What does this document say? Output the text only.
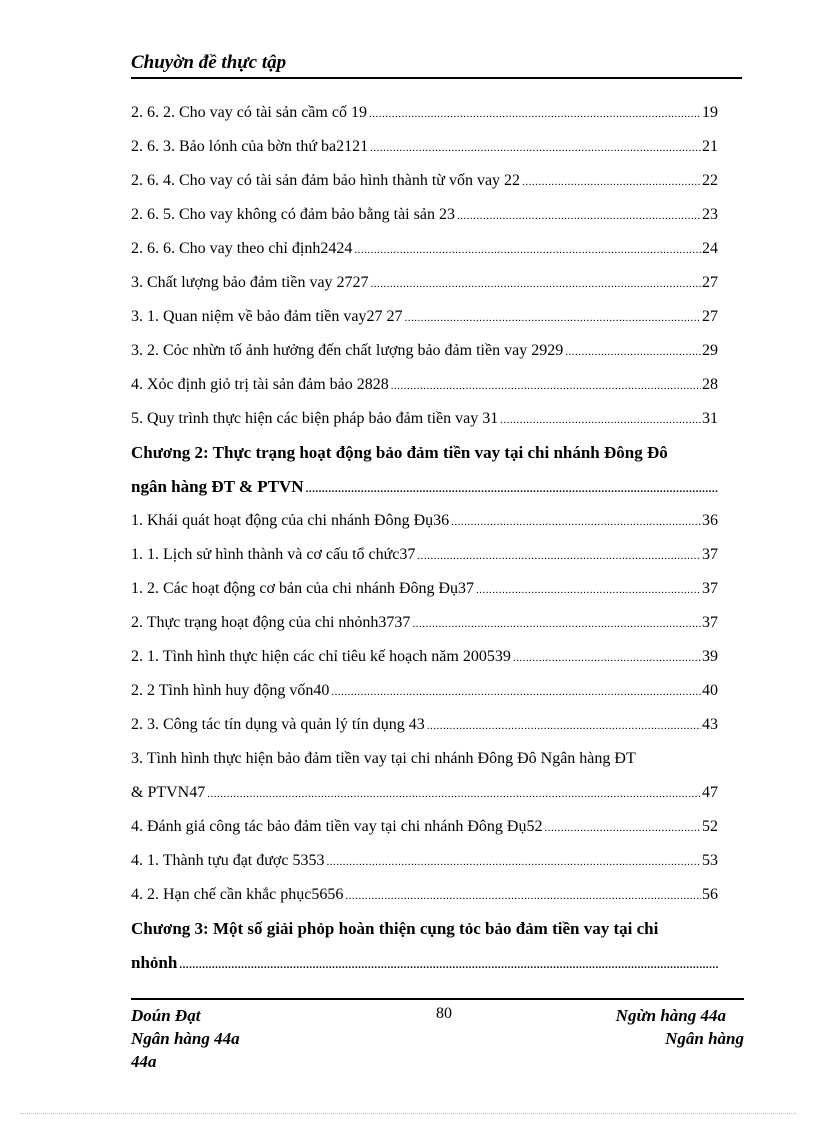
Chuyờn đề thực tập
2. 6. 2. Cho vay có tài sản cầm cố 19 .....	19
2. 6. 3. Bảo lónh của bờn thứ ba2121 .....	21
2. 6. 4. Cho vay có tài sản đảm bảo hình thành từ vốn vay 22 .....	22
2. 6. 5. Cho vay không có đảm bảo bằng tài sản 23 .....	23
2. 6. 6. Cho vay theo chỉ định2424 .....	24
3. Chất lượng bảo đảm tiền vay 2727 .....	27
3. 1. Quan niệm về bảo đảm tiền vay27 27 .....	27
3. 2. Cỏc nhừn tố ảnh hưởng đến chất lượng bảo đảm tiền vay 2929 .....	29
4. Xỏc định giỏ trị tài sản đảm bảo 2828 .....	28
5. Quy trình thực hiện các biện pháp bảo đảm tiền vay 31 .....	31
Chương 2: Thực trạng hoạt động bảo đảm tiền vay tại chi nhánh Đông Đô
ngân hàng ĐT & PTVN
.....
1. Khái quát hoạt động của chi nhánh Đông Đụ36 .....	36
1. 1. Lịch sử hình thành và cơ cấu tổ chức37 .....	37
1. 2. Các hoạt động cơ bản của chi nhánh Đông Đụ37 .....	37
2. Thực trạng hoạt động của chi nhỏnh3737 .....	37
2. 1. Tình hình thực hiện các chỉ tiêu kế hoạch năm 200539 .....	39
2. 2 Tình hình huy động vốn40 .....	40
2. 3. Công tác tín dụng và quản lý tín dụng 43 .....	43
3. Tình hình thực hiện bảo đảm tiền vay tại chi nhánh Đông Đô Ngân hàng ĐT
& PTVN47 .....	47
4. Đánh giá công tác bảo đảm tiền vay tại chi nhánh Đông Đụ52 .....	52
4. 1. Thành tựu đạt được 5353 .....	53
4. 2. Hạn chế cần khắc phục5656 .....	56
Chương 3: Một số giải phỏp hoàn thiện cụng tỏc bảo đảm tiền vay tại chi
nhỏnh
.....
Doún Đạt
Ngân hàng 44a
44a
80	Ngừn hàng 44a
Ngân hàng
